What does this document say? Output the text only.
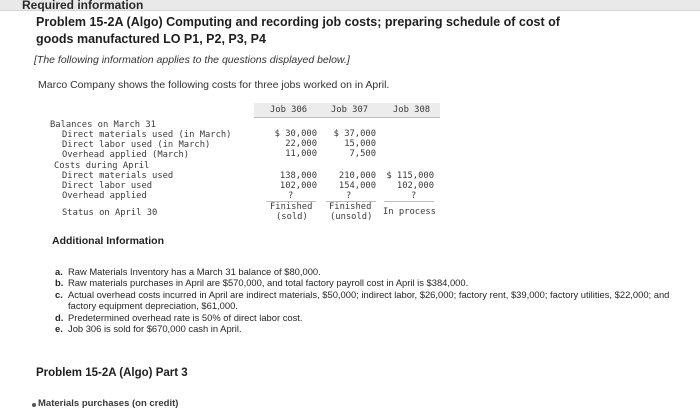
Required information
Problem 15-2A (Algo) Computing and recording job costs; preparing schedule of cost of goods manufactured LO P1, P2, P3, P4
[The following information applies to the questions displayed below.]
Marco Company shows the following costs for three jobs worked on in April.
Job 306	Job 307	Job 308
Balances on March 31
Direct materials used (in March)
Direct labor used (in March)
Overhead applied (March)
Costs during April
Direct materials used
Direct labor used
Overhead applied
Status on April 30
$ 30,000
22,000
11,000
138,000
102,000
?
Finished
(sold)
$ 37,000
15,000
7,500
210,000
154,000
?
Finished
(unsold)
$ 115,000
102,000
?
In process
Additional Information
a. Raw Materials Inventory has a March 31 balance of $80,000.
b. Raw materials purchases in April are $570,000, and total factory payroll cost in April is $384,000.
c. Actual overhead costs incurred in April are indirect materials, $50,000; indirect labor, $26,000; factory rent, $39,000; factory utilities, $22,000; and factory equipment depreciation, $61,000.
d. Predetermined overhead rate is 50% of direct labor cost.
e. Job 306 is sold for $670,000 cash in April.
Problem 15-2A (Algo) Part 3
Materials purchases (on credit)
